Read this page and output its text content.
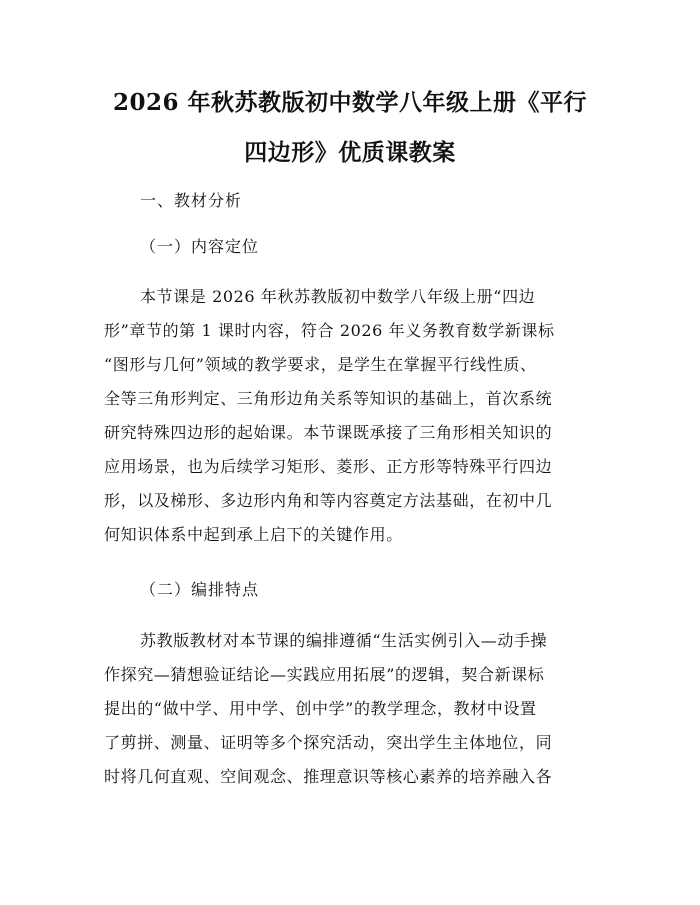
2026 年秋苏教版初中数学八年级上册《平行
四边形》优质课教案

一、教材分析

（一）内容定位

本节课是 2026 年秋苏教版初中数学八年级上册“四边
形”章节的第 1 课时内容，符合 2026 年义务教育数学新课标
“图形与几何”领域的教学要求，是学生在掌握平行线性质、
全等三角形判定、三角形边角关系等知识的基础上，首次系统
研究特殊四边形的起始课。本节课既承接了三角形相关知识的
应用场景，也为后续学习矩形、菱形、正方形等特殊平行四边
形，以及梯形、多边形内角和等内容奠定方法基础，在初中几
何知识体系中起到承上启下的关键作用。

（二）编排特点

苏教版教材对本节课的编排遵循“生活实例引入—动手操
作探究—猜想验证结论—实践应用拓展”的逻辑，契合新课标
提出的“做中学、用中学、创中学”的教学理念，教材中设置
了剪拼、测量、证明等多个探究活动，突出学生主体地位，同
时将几何直观、空间观念、推理意识等核心素养的培养融入各
